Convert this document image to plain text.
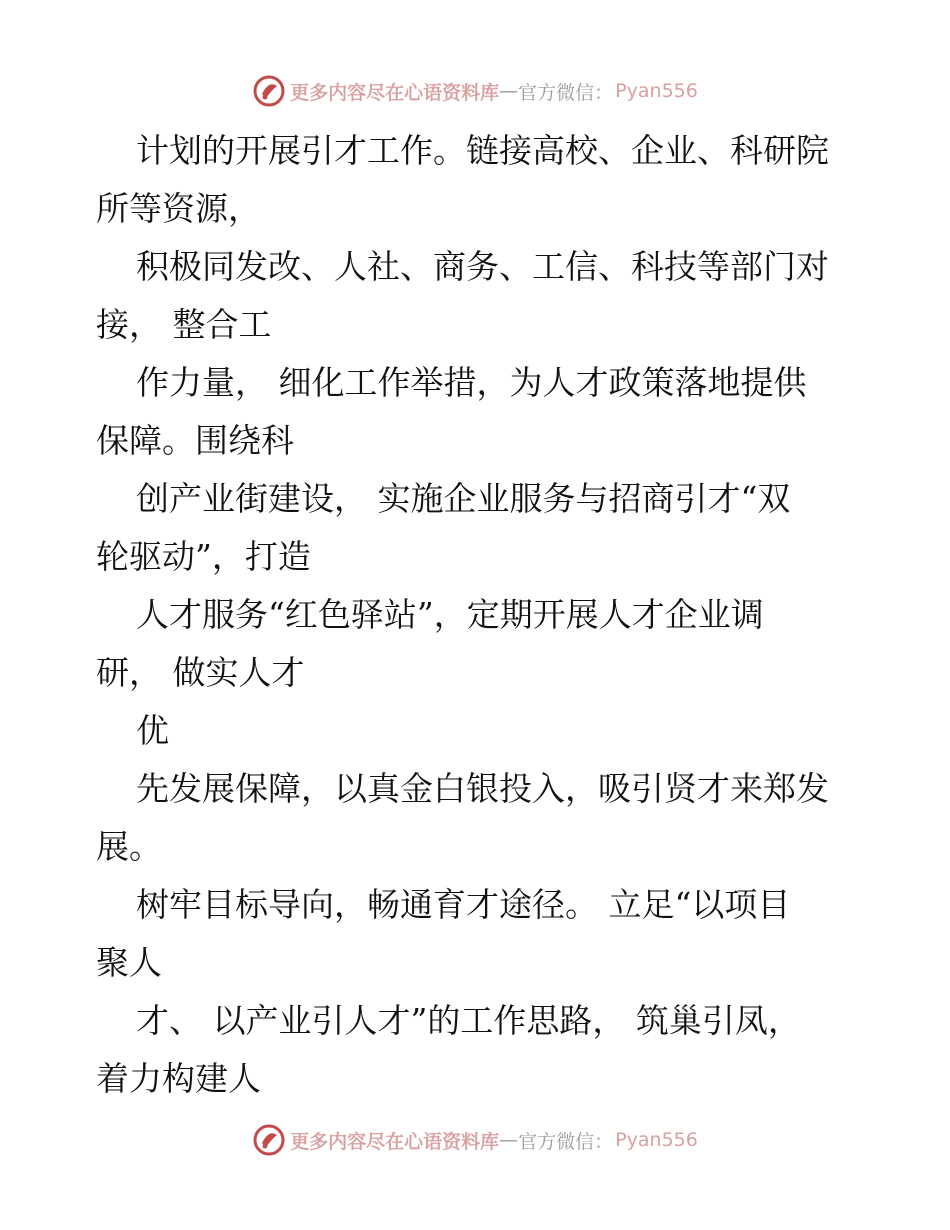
更多内容尽在心语资料库 — 官方微信： Pyan556

计划的开展引才工作。链接高校、企业、科研院
所等资源，

积极同发改、人社、商务、工信、科技等部门对
接， 整合工

作力量， 细化工作举措，为人才政策落地提供
保障。围绕科

创产业街建设， 实施企业服务与招商引才“双
轮驱动”，打造

人才服务“红色驿站”，定期开展人才企业调
研， 做实人才

优

先发展保障，以真金白银投入，吸引贤才来郑发
展。

树牢目标导向，畅通育才途径。 立足“以项目
聚人

才、 以产业引人才”的工作思路， 筑巢引凤，
着力构建人

更多内容尽在心语资料库 — 官方微信： Pyan556
